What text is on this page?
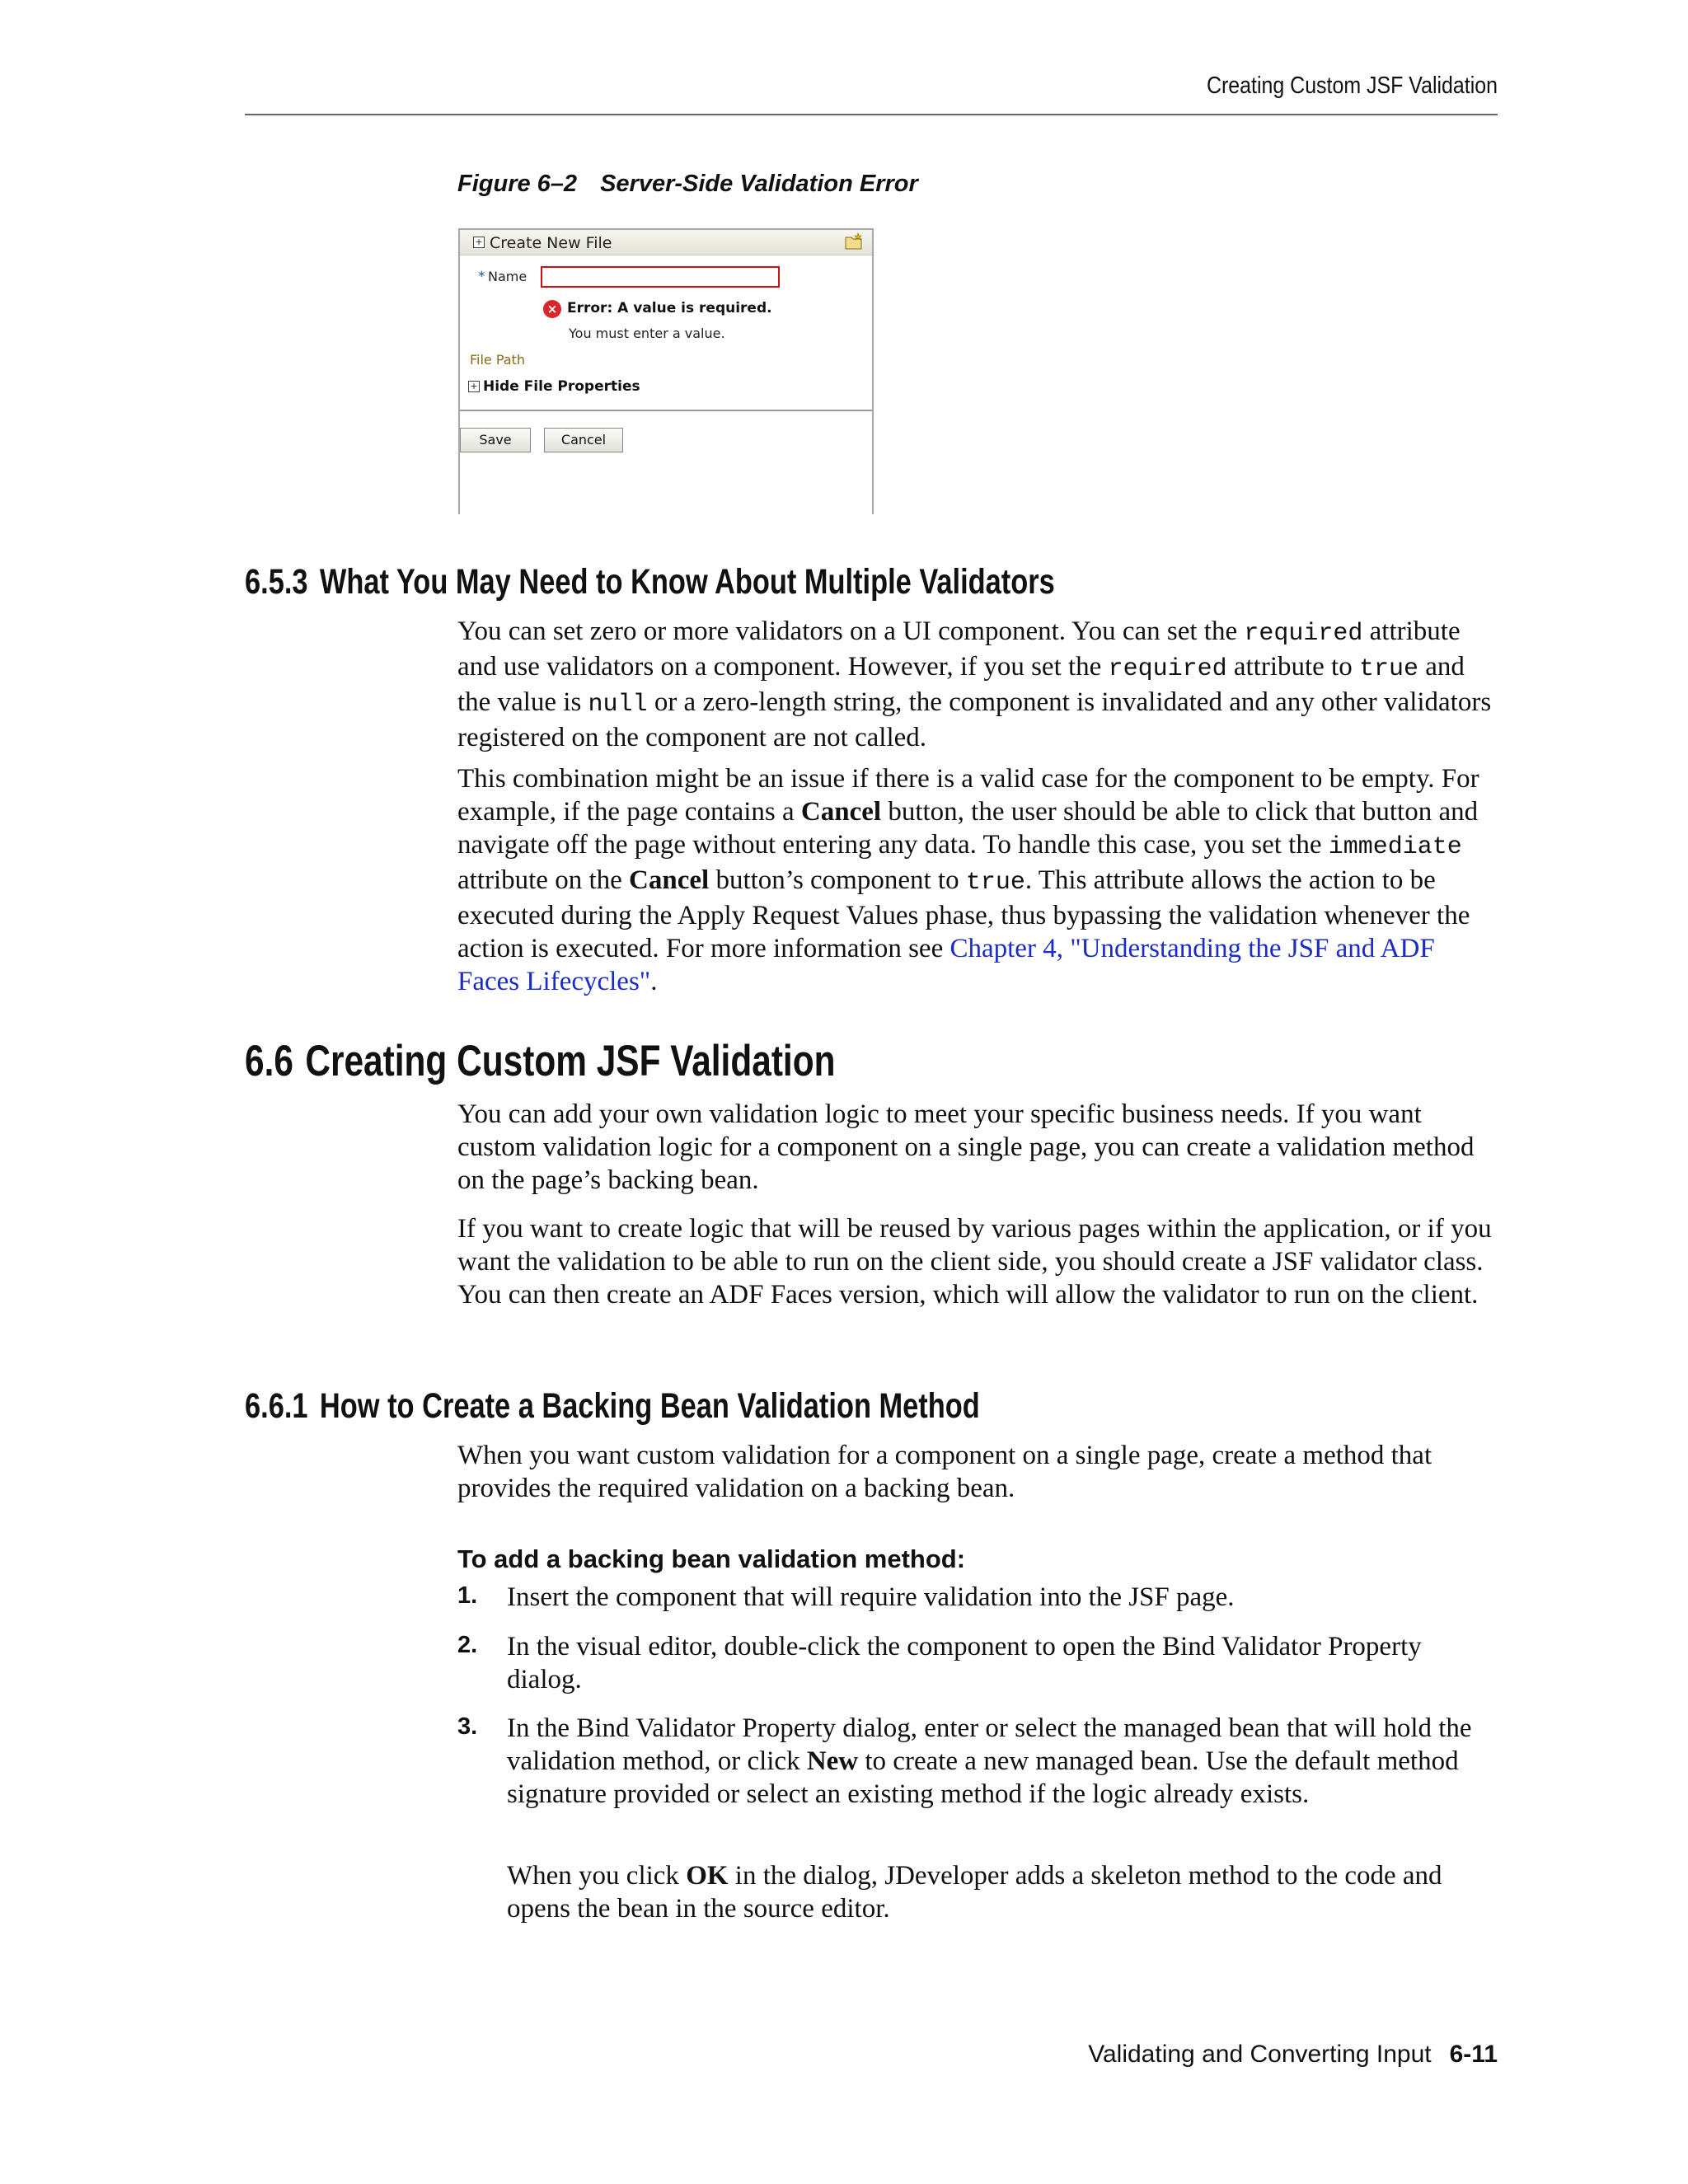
Creating Custom JSF Validation
Figure 6–2 Server-Side Validation Error
+ Create New File
* Name
× Error: A value is required.
You must enter a value.
File Path
+ Hide File Properties
Save	Cancel
6.5.3 What You May Need to Know About Multiple Validators

You can set zero or more validators on a UI component. You can set the required attribute and use validators on a component. However, if you set the required attribute to true and the value is null or a zero-length string, the component is invalidated and any other validators registered on the component are not called.

This combination might be an issue if there is a valid case for the component to be empty. For example, if the page contains a Cancel button, the user should be able to click that button and navigate off the page without entering any data. To handle this case, you set the immediate attribute on the Cancel button’s component to true. This attribute allows the action to be executed during the Apply Request Values phase, thus bypassing the validation whenever the action is executed. For more information see Chapter 4, "Understanding the JSF and ADF Faces Lifecycles".

6.6 Creating Custom JSF Validation

You can add your own validation logic to meet your specific business needs. If you want custom validation logic for a component on a single page, you can create a validation method on the page’s backing bean.

If you want to create logic that will be reused by various pages within the application, or if you want the validation to be able to run on the client side, you should create a JSF validator class. You can then create an ADF Faces version, which will allow the validator to run on the client.

6.6.1 How to Create a Backing Bean Validation Method

When you want custom validation for a component on a single page, create a method that provides the required validation on a backing bean.

To add a backing bean validation method:

1. Insert the component that will require validation into the JSF page.

2. In the visual editor, double-click the component to open the Bind Validator Property dialog.

3. In the Bind Validator Property dialog, enter or select the managed bean that will hold the validation method, or click New to create a new managed bean. Use the default method signature provided or select an existing method if the logic already exists.

When you click OK in the dialog, JDeveloper adds a skeleton method to the code and opens the bean in the source editor.

Validating and Converting Input 6-11
